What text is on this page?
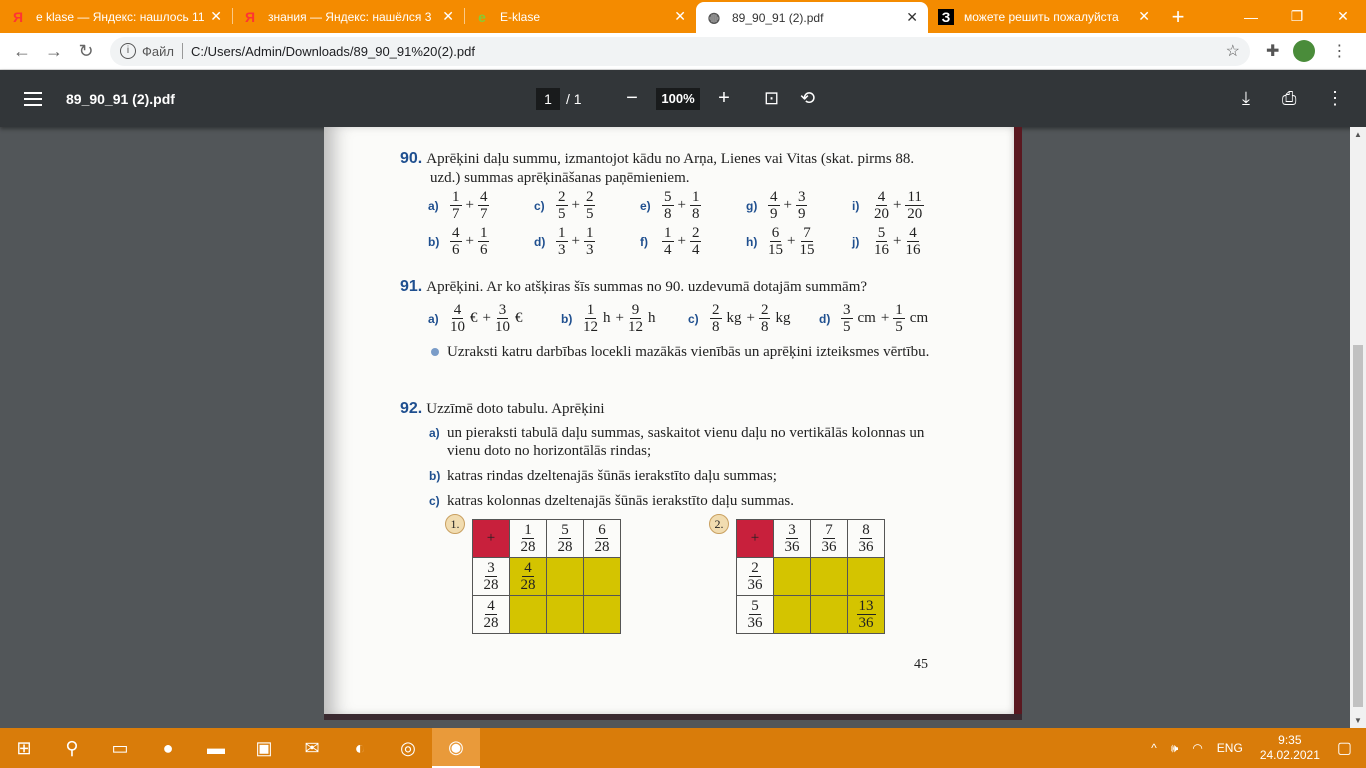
Я e klase — Яндекс: нашлось 11 ✕ Я знания — Яндекс: нашёлся 3 ✕ e	E-klase	✕ ◍ 89_90_91 (2).pdf	✕ З	можете решить пожалуйста	✕ +	—	❐	✕
← → ↻	i Файл C:/Users/Admin/Downloads/89_90_91%20(2).pdf	☆ ✚	⋮
89_90_91 (2).pdf	1	/ 1	−	100%	+	⊡ ⟲	⤓ ⎙ ⋮
90. Aprēķini daļu summu, izmantojot kādu no Arņa, Lienes vai Vitas (skat. pirms 88. uzd.) summas aprēķināšanas paņēmieniem.
91. Aprēķini. Ar ko atšķiras šīs summas no 90. uzdevumā dotajām summām?
Uzraksti katru darbības locekli mazākās vienībās un aprēķini izteiksmes vērtību.
92. Uzzīmē doto tabulu. Aprēķini
a) un pieraksti tabulā daļu summas, saskaitot vienu daļu no vertikālās kolonnas un vienu doto no horizontālās rindas;
b) katras rindas dzeltenajās šūnās ierakstīto daļu summas;
c) katras kolonnas dzeltenajās šūnās ierakstīto daļu summas.
45
$a) \frac{1}{7} + \frac{4}{7}$	$c) \frac{2}{5} + \frac{2}{5}$	$e) \frac{5}{8} + \frac{1}{8}$	$g) \frac{4}{9} + \frac{3}{9}$	$i) \frac{4}{20} + \frac{11}{20}$
$b) \frac{4}{6} + \frac{1}{6}$	$d) \frac{1}{3} + \frac{1}{3}$	$f) \frac{1}{4} + \frac{2}{4}$	$h) \frac{6}{15} + \frac{7}{15}$	$j) \frac{5}{16} + \frac{4}{16}$
$a) \frac{4}{10}$ € + $\frac{3}{10}$ €	$b) \frac{1}{12}$ $h + \frac{9}{12}$ h	$c) \frac{2}{8}$ kg + $\frac{2}{8}$ kg $d) \frac{3}{5}$ cm + $\frac{1}{5}$ cm
1.
+	$\frac{1}{28}$	$\frac{5}{28}$	$\frac{6}{28}$

$\frac{3}{28}$	$\frac{4}{28}$

$\frac{4}{28}$

2.
+	$\frac{3}{36}$	$\frac{7}{36}$	$\frac{8}{36}$

$\frac{2}{36}$

$\frac{5}{36}$			$\frac{13}{36}$
▲
▼
⊞	⚲	▭	●	▬	▣	✉	◐	◎	◉	^ 🕪 ◠ ENG
9:35
24.02.2021 ▢
